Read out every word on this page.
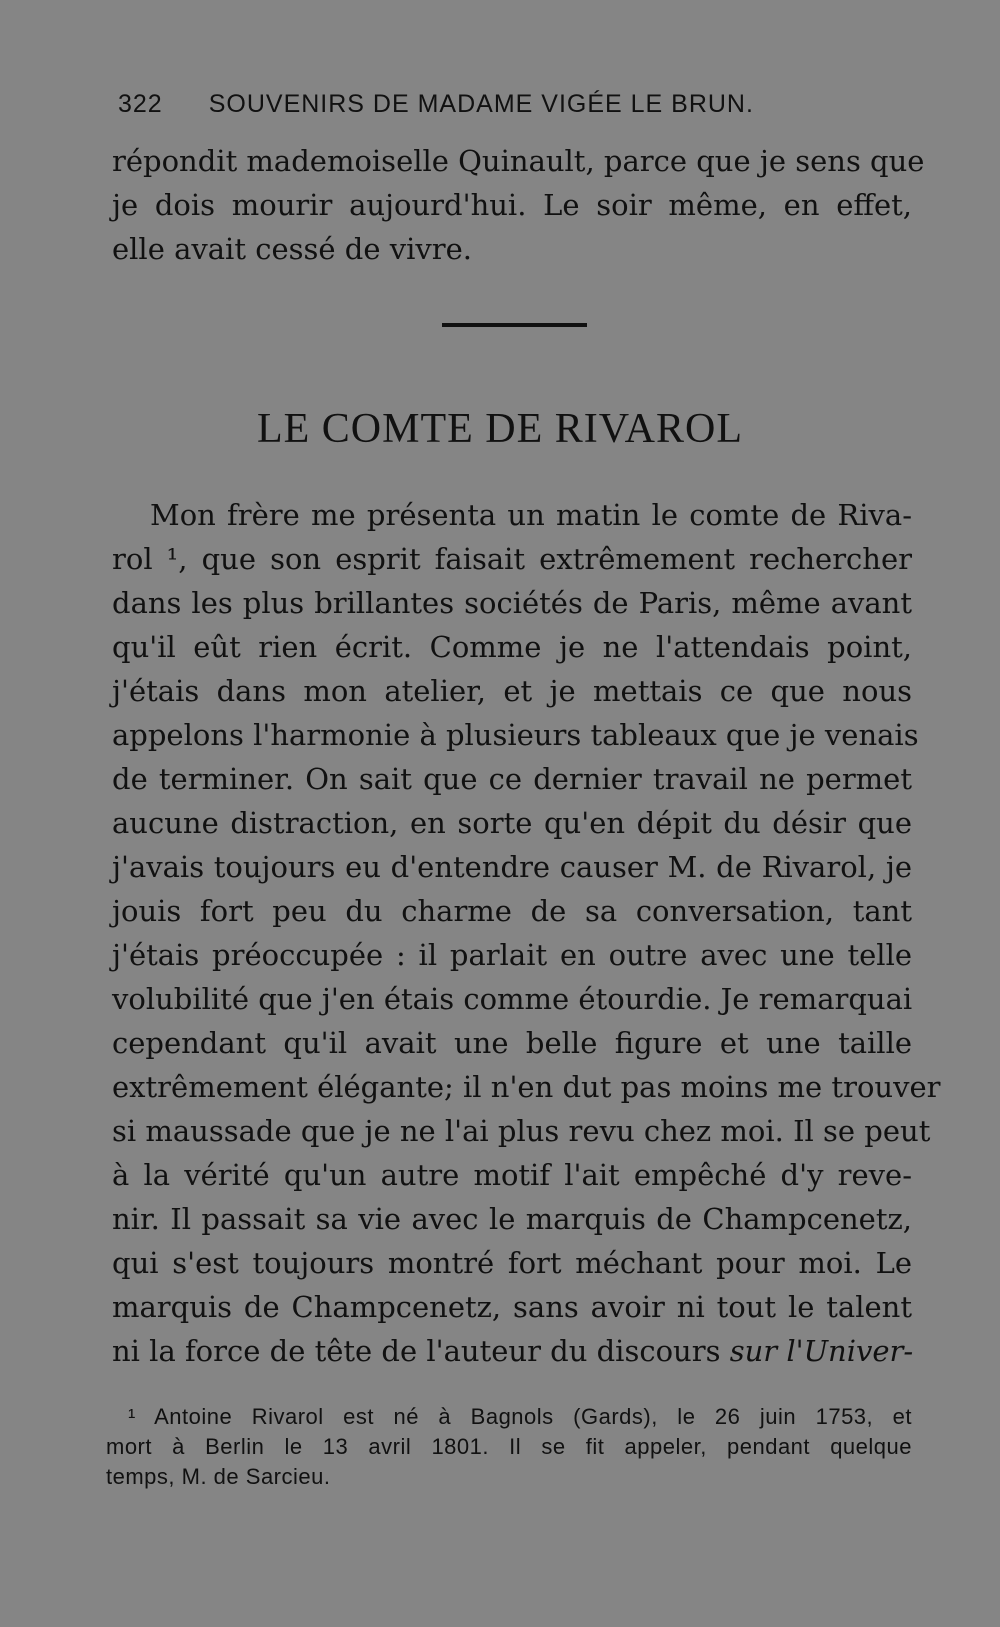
322 SOUVENIRS DE MADAME VIGÉE LE BRUN.
répondit mademoiselle Quinault, parce que je sens que
je dois mourir aujourd'hui. Le soir même, en effet,
elle avait cessé de vivre.
LE COMTE DE RIVAROL
Mon frère me présenta un matin le comte de Riva-
rol ¹, que son esprit faisait extrêmement rechercher
dans les plus brillantes sociétés de Paris, même avant
qu'il eût rien écrit. Comme je ne l'attendais point,
j'étais dans mon atelier, et je mettais ce que nous
appelons l'harmonie à plusieurs tableaux que je venais
de terminer. On sait que ce dernier travail ne permet
aucune distraction, en sorte qu'en dépit du désir que
j'avais toujours eu d'entendre causer M. de Rivarol, je
jouis fort peu du charme de sa conversation, tant
j'étais préoccupée : il parlait en outre avec une telle
volubilité que j'en étais comme étourdie. Je remarquai
cependant qu'il avait une belle figure et une taille
extrêmement élégante; il n'en dut pas moins me trouver
si maussade que je ne l'ai plus revu chez moi. Il se peut
à la vérité qu'un autre motif l'ait empêché d'y reve-
nir. Il passait sa vie avec le marquis de Champcenetz,
qui s'est toujours montré fort méchant pour moi. Le
marquis de Champcenetz, sans avoir ni tout le talent
ni la force de tête de l'auteur du discours sur l'Univer-
¹ Antoine Rivarol est né à Bagnols (Gards), le 26 juin 1753, et
mort à Berlin le 13 avril 1801. Il se fit appeler, pendant quelque
temps, M. de Sarcieu.
